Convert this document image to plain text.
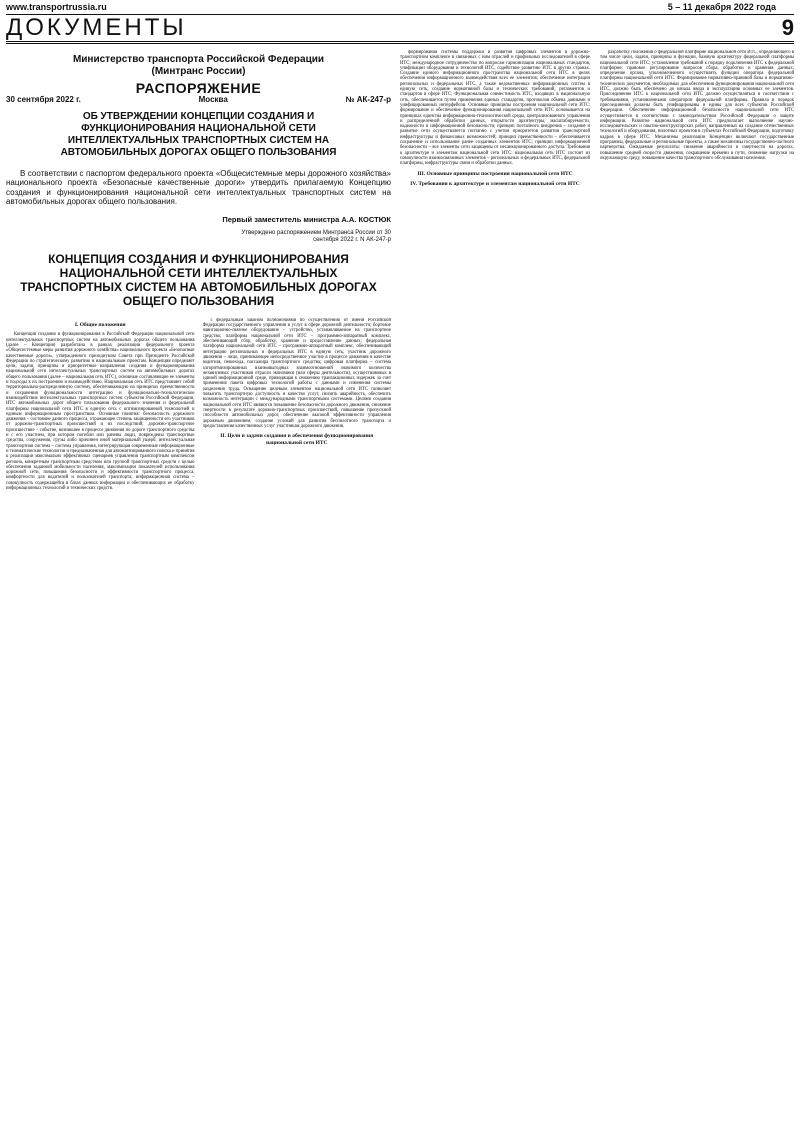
www.transportrussia.ru	5 – 11 декабря 2022 года
ДОКУМЕНТЫ	9
Министерство транспорта Российской Федерации
(Минтранс России)
РАСПОРЯЖЕНИЕ
30 сентября 2022 г.	Москва	№ АК-247-р
ОБ УТВЕРЖДЕНИИ КОНЦЕПЦИИ СОЗДАНИЯ И ФУНКЦИОНИРОВАНИЯ НАЦИОНАЛЬНОЙ СЕТИ ИНТЕЛЛЕКТУАЛЬНЫХ ТРАНСПОРТНЫХ СИСТЕМ НА АВТОМОБИЛЬНЫХ ДОРОГАХ ОБЩЕГО ПОЛЬЗОВАНИЯ

В соответствии с паспортом федерального проекта «Общесистемные меры дорожного хозяйства» национального проекта «Безопасные качественные дороги» утвердить прилагаемую Концепцию создания и функционирования национальной сети интеллектуальных транспортных систем на автомобильных дорогах общего пользования.

Первый заместитель министра А.А. КОСТЮК
Утверждено распоряжением Минтранса России от 30 сентября 2022 г. N АК-247-р
КОНЦЕПЦИЯ СОЗДАНИЯ И ФУНКЦИОНИРОВАНИЯ НАЦИОНАЛЬНОЙ СЕТИ ИНТЕЛЛЕКТУАЛЬНЫХ ТРАНСПОРТНЫХ СИСТЕМ НА АВТОМОБИЛЬНЫХ ДОРОГАХ ОБЩЕГО ПОЛЬЗОВАНИЯ
I. Общие положения

Концепция создания и функционирования в Российской Федерации национальной сети интеллектуальных транспортных систем на автомобильных дорогах общего пользования (далее – Концепция) разработана в рамках реализации федерального проекта «Общесистемные меры развития дорожного хозяйства» национального проекта «Безопасные качественные дороги», утвержденного президиумом Совета при Президенте Российской Федерации по стратегическому развитию и национальным проектам. Концепция определяет цели, задачи, принципы и приоритетные направления создания и функционирования национальной сети интеллектуальных транспортных систем на автомобильных дорогах общего пользования (далее – национальная сеть ИТС), основные составляющие ее элементы и подходы к их построению и взаимодействию. Национальная сеть ИТС представляет собой территориально-распределенную систему, обеспечивающую на принципах преемственности и сохранения функциональности интеграцию и функционально-технологическое взаимодействие интеллектуальных транспортных систем субъектов Российской Федерации, ИТС автомобильных дорог общего пользования федерального значения и федеральной платформы национальной сети ИТС в единую сеть с оптимизированной технологией и единым информационным пространством. Основные понятия: безопасность дорожного движения – состояние данного процесса, отражающее степень защищенности его участников от дорожно-транспортных происшествий и их последствий; дорожно-транспортное происшествие – событие, возникшее в процессе движения по дороге транспортного средства и с его участием, при котором погибли или ранены люди, повреждены транспортные средства, сооружения, грузы либо причинен иной материальный ущерб; интеллектуальная транспортная система – система управления, интегрирующая современные информационные и телематические технологии и предназначенная для автоматизированного поиска и принятия к реализации максимально эффективных сценариев управления транспортным комплексом региона, конкретным транспортным средством или группой транспортных средств с целью обеспечения заданной мобильности населения, максимизации показателей использования дорожной сети, повышения безопасности и эффективности транспортного процесса, комфортности для водителей и пользователей транспорта; информационная система – совокупность содержащейся в базах данных информации и обеспечивающих ее обработку информационных технологий и технических средств.

с федеральным законом полномочиями по осуществлению от имени Российской Федерации государственного управления и услуг в сфере дорожной деятельности; бортовое навигационно-связное оборудование – устройство, устанавливаемое на транспортное средство; платформа национальной сети ИТС – программно-аппаратный комплекс, обеспечивающий сбор, обработку, хранение и предоставление данных; федеральная платформа национальной сети ИТС – программно-аппаратный комплекс, обеспечивающий интеграцию региональных и федеральных ИТС в единую сеть; участник дорожного движения – лицо, принимающее непосредственное участие в процессе движения в качестве водителя, пешехода, пассажира транспортного средства; цифровая платформа – система алгоритмизированных взаимовыгодных взаимоотношений значимого количества независимых участников отрасли экономики (или сферы деятельности), осуществляемых в единой информационной среде, приводящая к снижению транзакционных издержек за счет применения пакета цифровых технологий работы с данными и изменения системы разделения труда. Оснащение целевым элементом национальной сети ИТС позволяет повысить транспортную доступность и качество услуг, снизить аварийность, обеспечить возможность интеграции с международными транспортными системами. Целями создания национальной сети ИТС являются повышение безопасности дорожного движения, снижение смертности в результате дорожно-транспортных происшествий, повышение пропускной способности автомобильных дорог, обеспечение высокой эффективности управления дорожным движением, создание условий для развития беспилотного транспорта и предоставления качественных услуг участникам дорожного движения.

II. Цели и задачи создания и обеспечения функционирования национальной сети ИТС

формирования системы поддержки и развития цифровых элементов в дорожно-транспортном комплексе и связанных с ним отраслей и профильных исследователей в сфере ИТС; международное сотрудничество по вопросам гармонизации национальных стандартов, унификации оборудования и технологий ИТС, содействие развитию ИТС в других странах. Создание единого информационного пространства национальной сети ИТС в целях обеспечения информационного взаимодействия всех ее элементов; обеспечение интеграции региональных и федеральных ИТС, а также ведомственных информационных систем в единую сеть; создание нормативной базы и технических требований, регламентов и стандартов в сфере ИТС; Функциональная совместимость ИТС, входящих в национальную сеть, обеспечивается путем применения единых стандартов, протоколов обмена данными и унифицированных интерфейсов. Основные принципы построения национальной сети ИТС: формирование и обеспечение функционирования национальной сети ИТС основывается на принципах единства информационно-технологической среды, централизованного управления и распределенной обработки данных, открытости архитектуры, масштабируемости, надежности и информационной безопасности; принцип поэтапного внедрения – создание и развитие сети осуществляется поэтапно с учетом приоритетов развития транспортной инфраструктуры и финансовых возможностей; принцип преемственности – обеспечивается сохранение и использование ранее созданных элементов ИТС; принцип информационной безопасности – все элементы сети защищены от несанкционированного доступа. Требования к архитектуре и элементам национальной сети ИТС: национальная сеть ИТС состоит из совокупности взаимосвязанных элементов – региональных и федеральных ИТС, федеральной платформы, инфраструктуры связи и обработки данных.

III. Основные принципы построения национальной сети ИТС
IV. Требования к архитектуре и элементам национальной сети ИТС

разработку положения о федеральной платформе национальной сети ИТС, определяющего в том числе цели, задачи, принципы и функции, базовую архитектуру федеральной платформы национальной сети ИТС; установление требований к порядку подключения ИТС к федеральной платформе; правовое регулирование вопросов сбора, обработки и хранения данных; определение органа, уполномоченного осуществлять функции оператора федеральной платформы национальной сети ИТС. Формирование нормативно-правовой базы и нормативно-технических документов, необходимых для обеспечения функционирования национальной сети ИТС, должно быть обеспечено до начала ввода в эксплуатацию основных ее элементов. Присоединение ИТС к национальной сети ИТС должно осуществляться в соответствии с требованиями, установленными оператором федеральной платформы. Правила и порядок присоединения должны быть унифицированы и едины для всех субъектов Российской Федерации. Обеспечение информационной безопасности национальной сети ИТС осуществляется в соответствии с законодательством Российской Федерации о защите информации. Развитие национальной сети ИТС предполагает выполнение научно-исследовательских и опытно-конструкторских работ, направленных на создание отечественных технологий и оборудования, пилотных проектов в субъектах Российской Федерации, подготовку кадров в сфере ИТС. Механизмы реализации Концепции включают государственные программы, федеральные и региональные проекты, а также механизмы государственно-частного партнерства. Ожидаемые результаты: снижение аварийности и смертности на дорогах, повышение средней скорости движения, сокращение времени в пути, снижение нагрузки на окружающую среду, повышение качества транспортного обслуживания населения.
